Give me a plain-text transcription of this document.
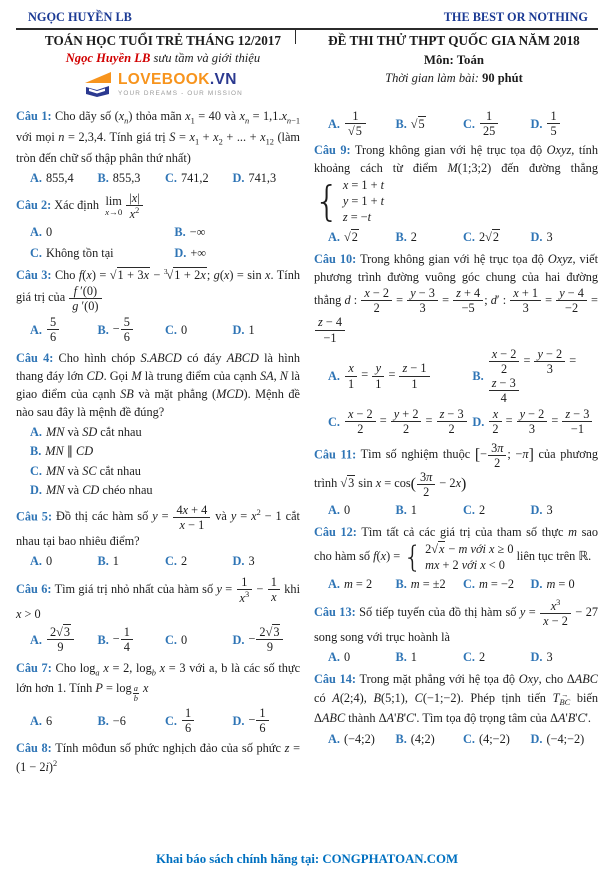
NGỌC HUYỀN LB	THE BEST OR NOTHING
TOÁN HỌC TUỔI TRẺ THÁNG 12/2017
Ngọc Huyền LB sưu tầm và giới thiệu
LOVEBOOK.VN
YOUR DREAMS - OUR MISSION
ĐỀ THI THỬ THPT QUỐC GIA NĂM 2018
Môn: Toán
Thời gian làm bài: 90 phút

Câu 1: Cho dãy số $(x_n)$ thỏa mãn $x_1 = 40$ và $x_n = 1,1.x_{n-1}$ với mọi n = 2,3,4. Tính giá trị $S = x_1 + x_2$ + ... + $x_{12}$ (làm tròn đến chữ số thập phân thứ nhất)

A. 855,4 B. 855,3 C. 741,2 D. 741,3

Câu 2: Xác định lim
$x\to 0 \frac{|x|}{x^2}$

A. 0	B. −∞
C. Không tồn tại	D. +∞

Câu 3: Cho f(x) = √1 + 3x − $^3$√1 + 2x; g(x) = sin x. Tính giá trị của $\frac{f '(0)}{g '(0)}$

A. $\frac{5}{6}$	B. − $\frac{5}{6}$	C. 0	D. 1

Câu 4: Cho hình chóp S.ABCD có đáy ABCD là hình thang đáy lớn CD. Gọi M là trung điểm của cạnh SA, N là giao điểm của cạnh SB và mặt phẳng (MCD). Mệnh đề nào sau đây là mệnh đề đúng?

A. MN và SD cắt nhau
B. MN ∥ CD
C. MN và SC cắt nhau
D. MN và CD chéo nhau

Câu 5: Đồ thị các hàm số $y = \frac{4x + 4}{x - 1}$ và $y = x^2 - 1$ cắt nhau tại bao nhiêu điểm?

A. 0	B. 1	C. 2	D. 3

Câu 6: Tìm giá trị nhỏ nhất của hàm số $y = \frac{1}{x^3} - \frac{1}{x}$ khi x > 0

A. $\frac{2√3}{9} B$. − $\frac{1}{4}$	C. 0	D. − $\frac{2√3}{9}$

Câu 7: Cho $\log_a x = 2$, $\log_b x = 3$ với a, b là các số thực lớn hơn 1. Tính P = log $_{\frac{a}{b}}$ x

A. 6	B. −6	C. $\frac{1}{6}$	D. − $\frac{1}{6}$

Câu 8: Tính môđun số phức nghịch đảo của số phức $z = (1 - 2i)^2$

A. $\frac{1}{√5} B$. √5	C. $\frac{1}{25}$	D. $\frac{1}{5}$

Câu 9: Trong không gian với hệ trục tọa độ Oxyz, tính khoảng cách từ điểm M(1;3;2) đến đường thẳng
{ x = 1 + t
y = 1 + t
z = −t

A. √2	B. 2	C. 2√2	D. 3

Câu 10: Trong không gian với hệ trục tọa độ Oxyz, viết phương trình đường vuông góc chung của hai đường thẳng d : $\frac{x - 2}{2} = \frac{y - 3}{3} = \frac{z + 4}{-5}$ ; d′ : $\frac{x + 1}{3} = \frac{y - 4}{-2}$ =
$\frac{z - 4}{-1}$

A. $\frac{x}{1} = \frac{y}{1} = \frac{z - 1}{1}$	B. $\frac{x - 2}{2} = \frac{y - 2}{3}$ =
$\frac{z - 3}{4}$
C. $\frac{x - 2}{2} = \frac{y + 2}{2} = \frac{z - 3}{2} D$. $\frac{x}{2} = \frac{y - 2}{3} = \frac{z - 3}{-1}$

Câu 11: Tìm số nghiệm thuộc [− $\frac{3\pi}{2}$ ; −π] của phương trình √3 $\sin x = \cos( \frac{3\pi}{2} - 2x)$

A. 0	B. 1	C. 2	D. 3

Câu 12: Tìm tất cả các giá trị của tham số thực m sao cho hàm số f(x) = { 2√x − m với x ≥ 0
mx + 2 với x < 0
liên tục trên ℝ.

A. m = 2 B. m = ±2 C. m = −2 D. m = 0

Câu 13: Số tiếp tuyến của đồ thị hàm số $y = \frac{x^3}{x - 2} - 27$ song song với trục hoành là

A. 0	B. 1	C. 2	D. 3

Câu 14: Trong mặt phẳng với hệ tọa độ Oxy, cho ΔABC có A(2;4), B(5;1), C(−1;−2). Phép tịnh tiến $T_{BC}$ → biến ΔABC thành ΔA'B'C'. Tìm tọa độ trọng tâm của ΔA'B'C'.

A. (−4;2) B. (4;2) C. (4;−2) D. (−4;−2)
Khai báo sách chính hãng tại: CONGPHATOAN.COM
